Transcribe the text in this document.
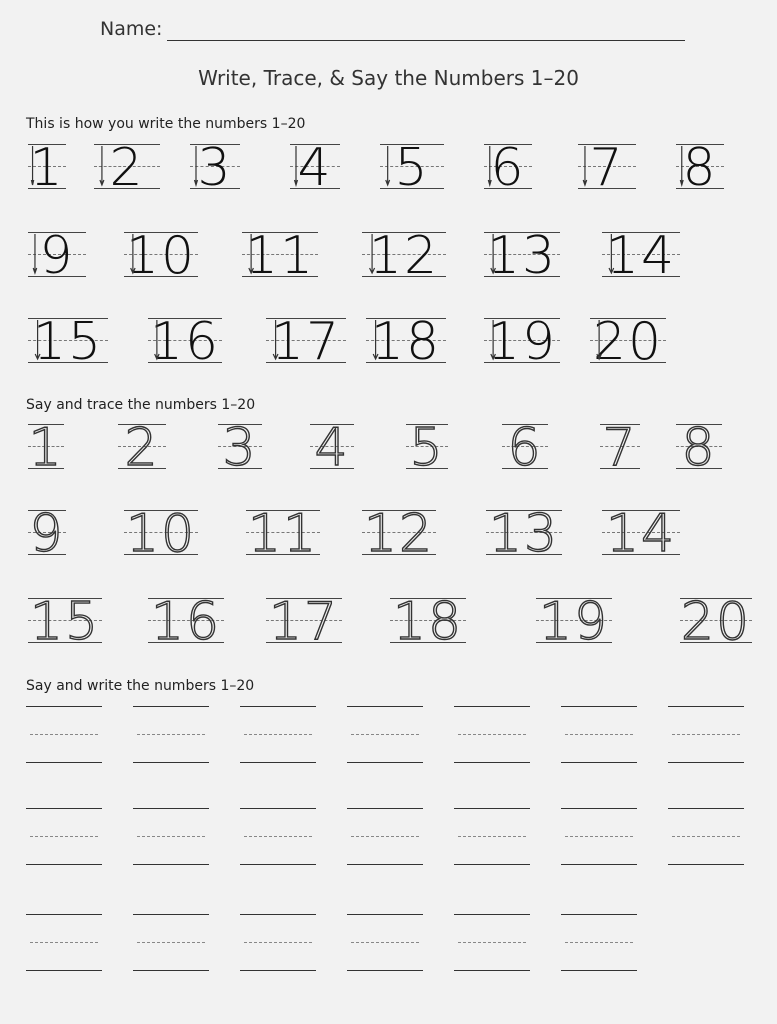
Name:
Write, Trace, & Say the Numbers 1–20
This is how you write the numbers 1–20
1 2 3 4 5 6 7 8
9 10 11 12 13 14
15 16 17 18 19 20
Say and trace the numbers 1–20
1 2 3 4 5 6 7 8
9 10 11 12 13 14
15 16 17 18 19 20
Say and write the numbers 1–20
